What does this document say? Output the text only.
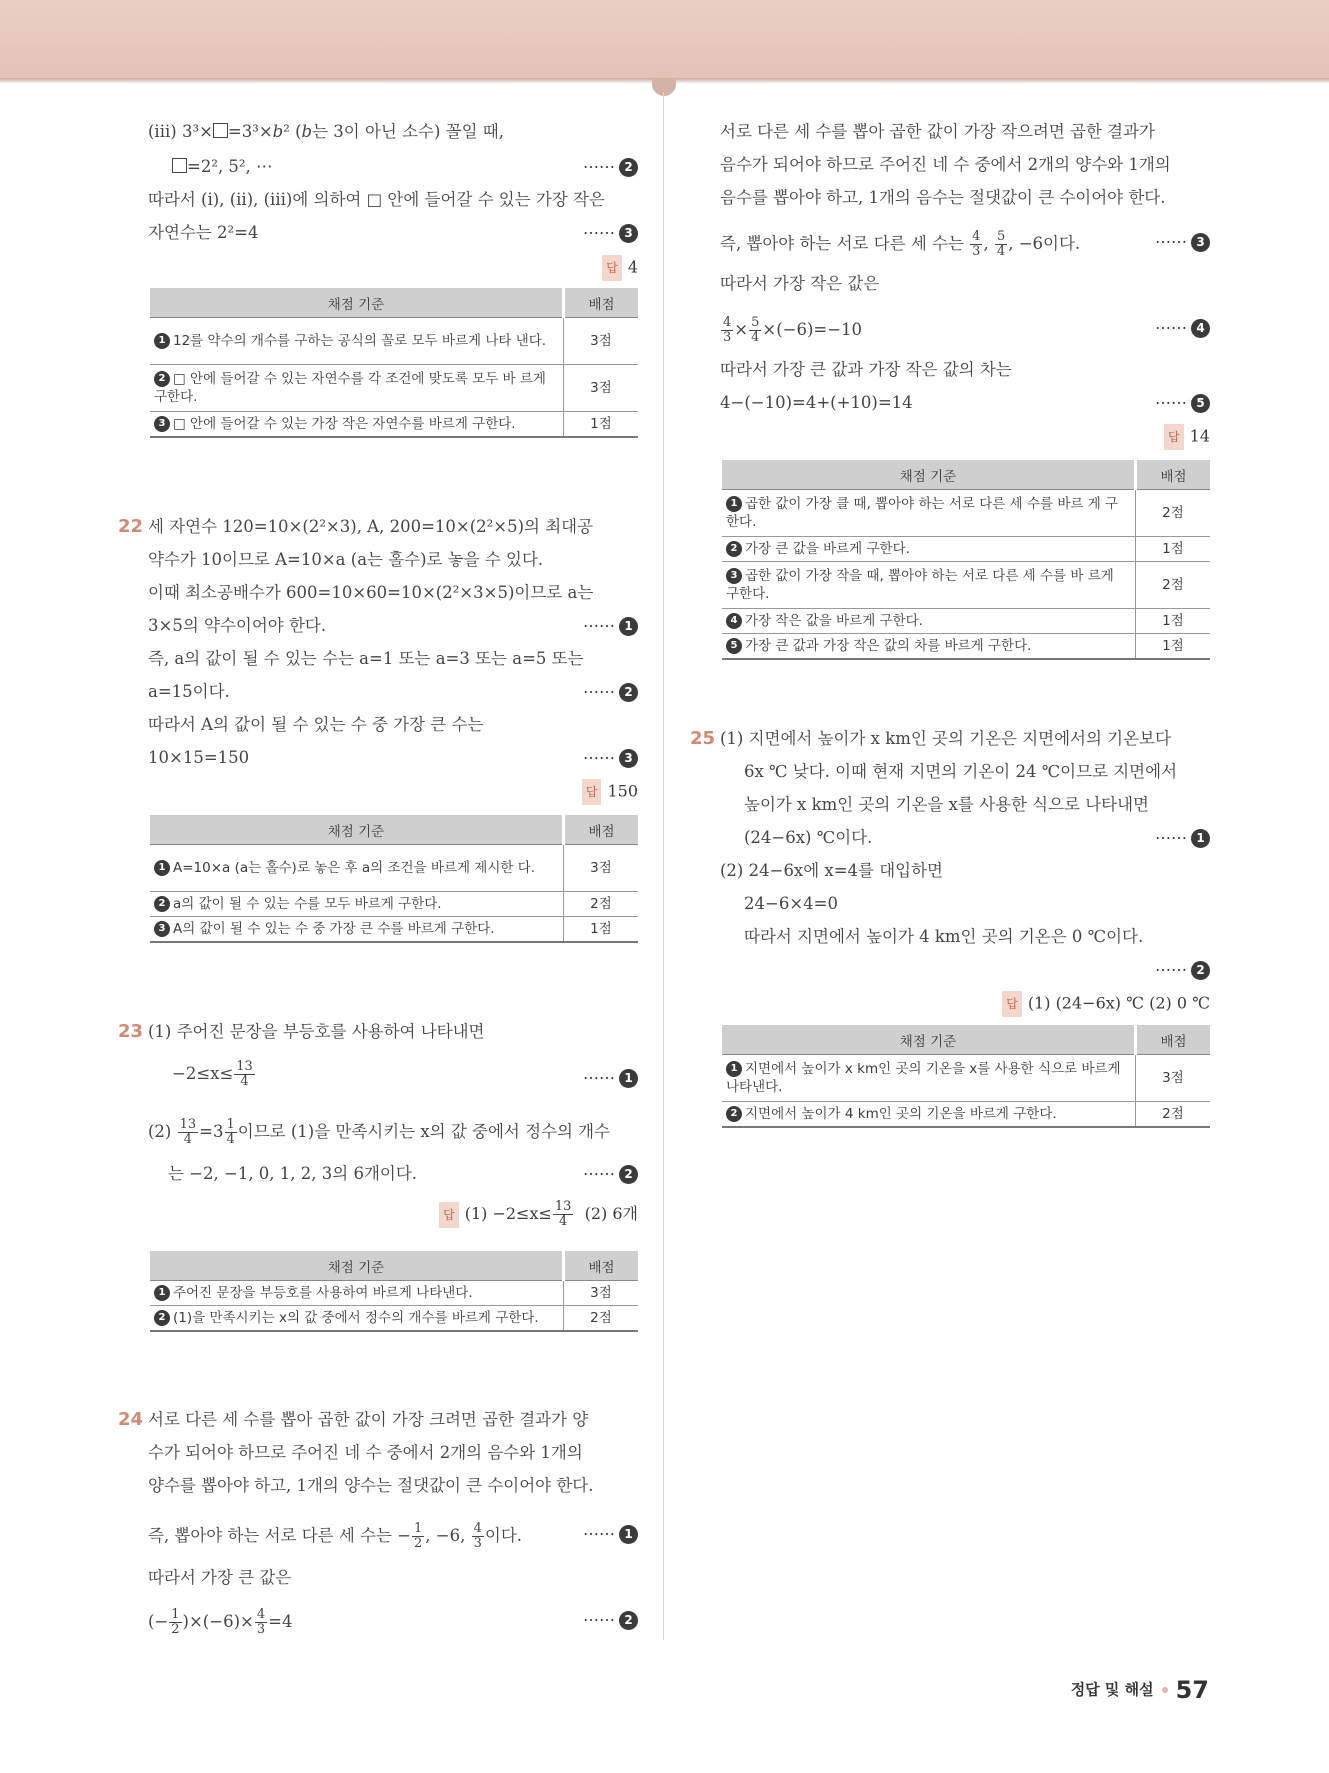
(iii) 3³× =3³×b² (b는 3이 아닌 소수) 꼴일 때,
=2², 5², ⋯	⋯⋯ 2
따라서 (i), (ii), (iii)에 의하여 □ 안에 들어갈 수 있는 가장 작은
자연수는 2²=4	⋯⋯ 3
답 4
채점 기준	배점
1 12를 약수의 개수를 구하는 공식의 꼴로 모두 바르게 나타 낸다.	3점
2 □ 안에 들어갈 수 있는 자연수를 각 조건에 맞도록 모두 바 르게 구한다.	3점
3 □ 안에 들어갈 수 있는 가장 작은 자연수를 바르게 구한다.	1점
22 세 자연수 120=10×(2²×3), A, 200=10×(2²×5)의 최대공
약수가 10이므로 A=10×a (a는 홀수)로 놓을 수 있다.
이때 최소공배수가 600=10×60=10×(2²×3×5)이므로 a는
3×5의 약수이어야 한다.	⋯⋯ 1
즉, a의 값이 될 수 있는 수는 a=1 또는 a=3 또는 a=5 또는
a=15이다.	⋯⋯ 2
따라서 A의 값이 될 수 있는 수 중 가장 큰 수는
10×15=150	⋯⋯ 3
답 150
채점 기준	배점
1 A=10×a (a는 홀수)로 놓은 후 a의 조건을 바르게 제시한 다.	3점
2 a의 값이 될 수 있는 수를 모두 바르게 구한다.	2점
3 A의 값이 될 수 있는 수 중 가장 큰 수를 바르게 구한다.	1점
23 (1) 주어진 문장을 부등호를 사용하여 나타내면
$-2\le x\le \frac{13}{4}$	⋯⋯ 1
$(2) \frac{13}{4} =3 \frac{1}{4}$ 이므로 (1)을 만족시키는 x의 값 중에서 정수의 개수
는 −2, −1, 0, 1, 2, 3의 6개이다.	⋯⋯ 2
답 $(1) -2\le x\le \frac{13}{4} (2)$ 6개
채점 기준	배점
1 주어진 문장을 부등호를 사용하여 바르게 나타낸다.	3점
2 (1)을 만족시키는 x의 값 중에서 정수의 개수를 바르게 구한다.	2점
24 서로 다른 세 수를 뽑아 곱한 값이 가장 크려면 곱한 결과가 양
수가 되어야 하므로 주어진 네 수 중에서 2개의 음수와 1개의
양수를 뽑아야 하고, 1개의 양수는 절댓값이 큰 수이어야 한다.
즉, 뽑아야 하는 서로 다른 세 수는 − $\frac{1}{2}$ , −6, $\frac{4}{3}$ 이다.	⋯⋯ 1
따라서 가장 큰 값은
(− $\frac{1}{2} )\times(-6)\times \frac{4}{3} =4$	⋯⋯ 2
서로 다른 세 수를 뽑아 곱한 값이 가장 작으려면 곱한 결과가
음수가 되어야 하므로 주어진 네 수 중에서 2개의 양수와 1개의
음수를 뽑아야 하고, 1개의 음수는 절댓값이 큰 수이어야 한다.
즉, 뽑아야 하는 서로 다른 세 수는 $\frac{4}{3}$ , $\frac{5}{4}$ , −6이다.	⋯⋯ 3
따라서 가장 작은 값은
$\frac{4}{3} \times \frac{5}{4} \times(-6)=-10$	⋯⋯ 4
따라서 가장 큰 값과 가장 작은 값의 차는
4−(−10)=4+(+10)=14	⋯⋯ 5
답 14
채점 기준	배점
1 곱한 값이 가장 클 때, 뽑아야 하는 서로 다른 세 수를 바르 게 구한다.	2점
2 가장 큰 값을 바르게 구한다.	1점
3 곱한 값이 가장 작을 때, 뽑아야 하는 서로 다른 세 수를 바 르게 구한다.	2점
4 가장 작은 값을 바르게 구한다.	1점
5 가장 큰 값과 가장 작은 값의 차를 바르게 구한다.	1점
25 (1) 지면에서 높이가 x km인 곳의 기온은 지면에서의 기온보다
6x ℃ 낮다. 이때 현재 지면의 기온이 24 ℃이므로 지면에서
높이가 x km인 곳의 기온을 x를 사용한 식으로 나타내면
(24−6x) ℃이다.	⋯⋯ 1
(2) 24−6x에 x=4를 대입하면
24−6×4=0
따라서 지면에서 높이가 4 km인 곳의 기온은 0 ℃이다.
⋯⋯ 2
답 (1) (24−6x) ℃ (2) 0 ℃
채점 기준	배점
1 지면에서 높이가 x km인 곳의 기온을 x를 사용한 식으로 바르게 나타낸다.	3점
2 지면에서 높이가 4 km인 곳의 기온을 바르게 구한다.	2점
정답 및 해설 57
